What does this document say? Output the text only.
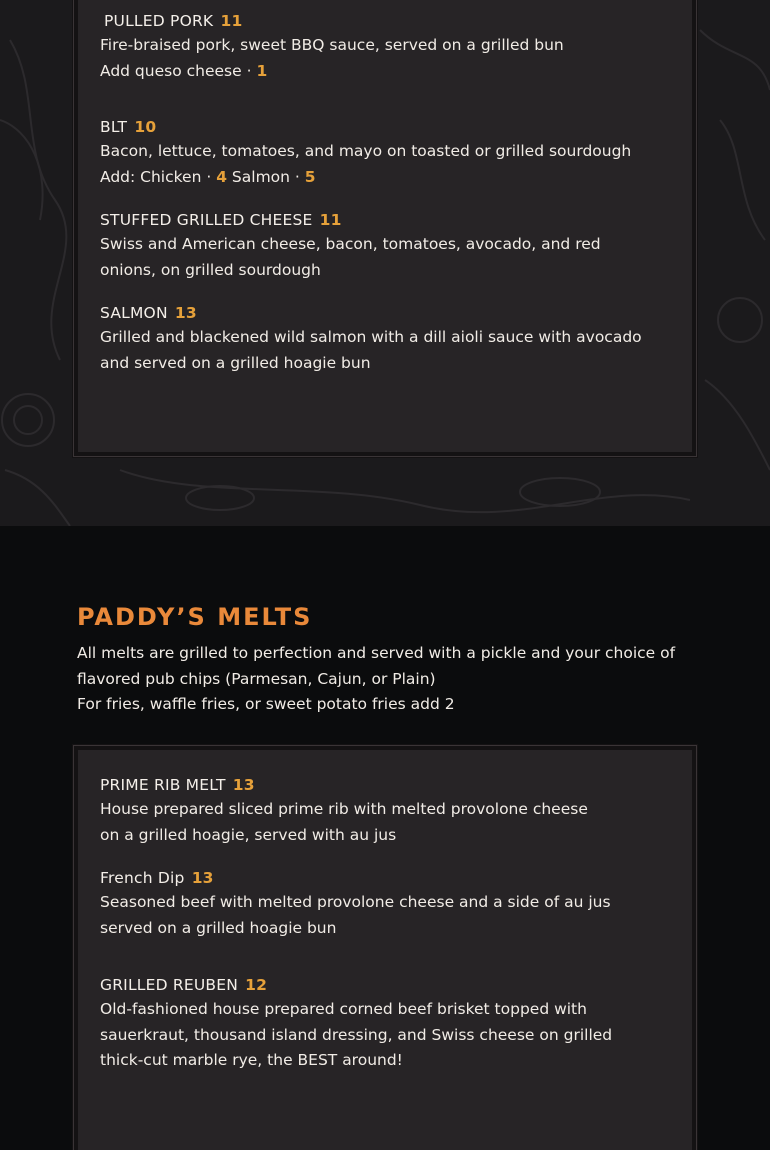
PULLED PORK 11
Fire-braised pork, sweet BBQ sauce, served on a grilled bun
Add queso cheese · 1
BLT 10
Bacon, lettuce, tomatoes, and mayo on toasted or grilled sourdough
Add: Chicken · 4 Salmon · 5
STUFFED GRILLED CHEESE 11
Swiss and American cheese, bacon, tomatoes, avocado, and red onions, on grilled sourdough
SALMON 13
Grilled and blackened wild salmon with a dill aioli sauce with avocado and served on a grilled hoagie bun
PADDY’S MELTS
All melts are grilled to perfection and served with a pickle and your choice of flavored pub chips (Parmesan, Cajun, or Plain)
For fries, waffle fries, or sweet potato fries add 2
PRIME RIB MELT 13
House prepared sliced prime rib with melted provolone cheese
on a grilled hoagie, served with au jus
French Dip 13
Seasoned beef with melted provolone cheese and a side of au jus served on a grilled hoagie bun
GRILLED REUBEN 12
Old-fashioned house prepared corned beef brisket topped with sauerkraut, thousand island dressing, and Swiss cheese on grilled thick-cut marble rye, the BEST around!
